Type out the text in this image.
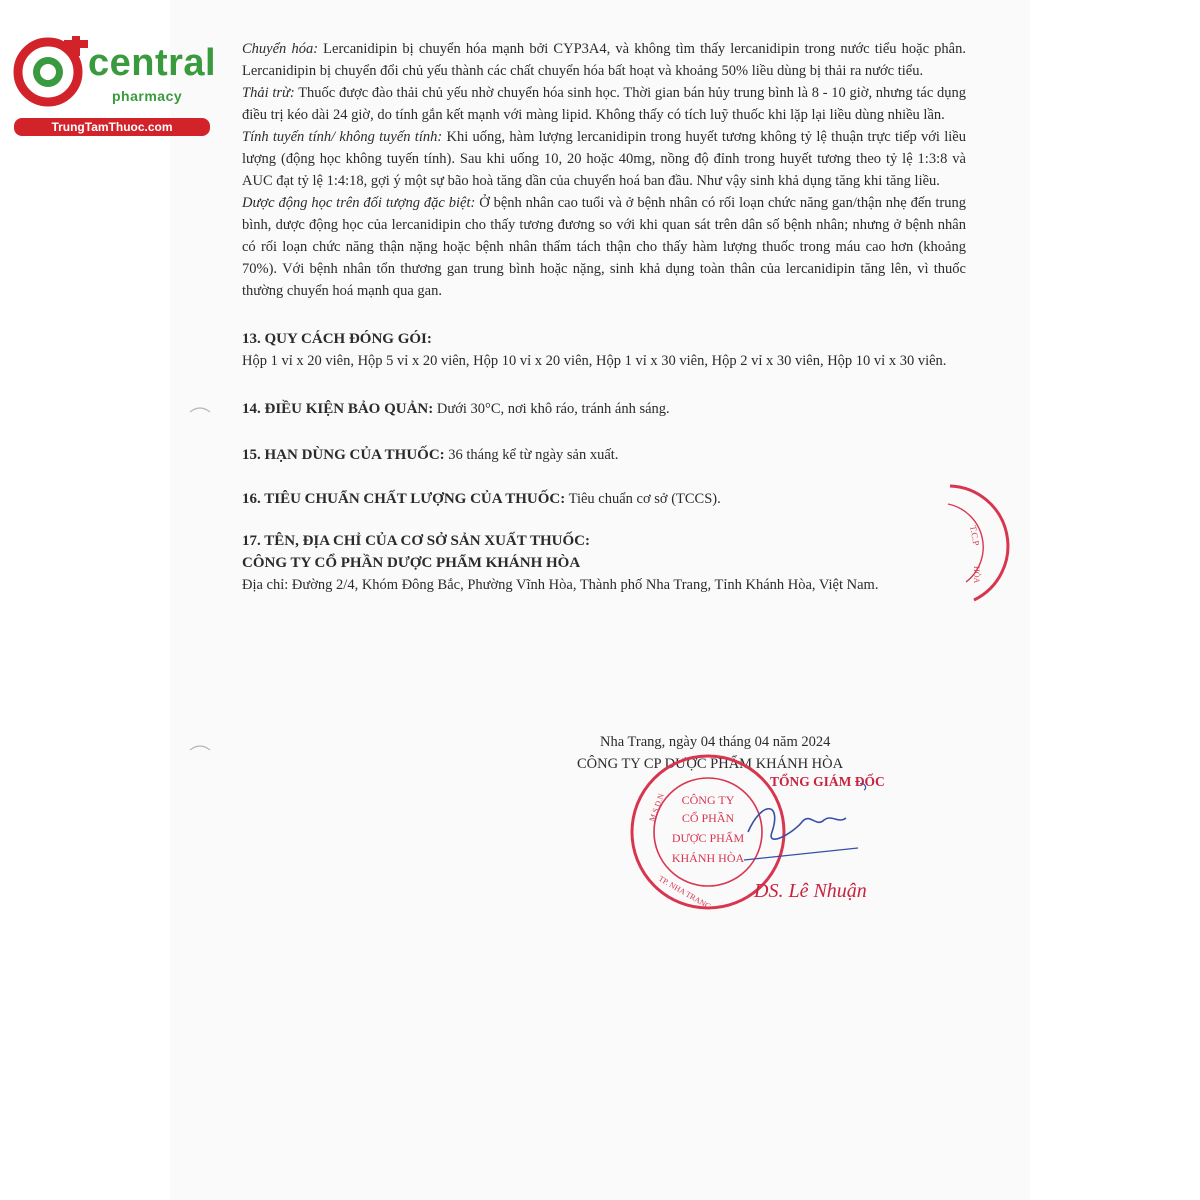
central
pharmacy
TrungTamThuoc.com

Chuyển hóa: Lercanidipin bị chuyển hóa mạnh bởi CYP3A4, và không tìm thấy lercanidipin trong nước tiểu hoặc phân. Lercanidipin bị chuyển đổi chủ yếu thành các chất chuyển hóa bất hoạt và khoảng 50% liều dùng bị thải ra nước tiểu.

Thải trừ: Thuốc được đào thải chủ yếu nhờ chuyển hóa sinh học. Thời gian bán hủy trung bình là 8 - 10 giờ, nhưng tác dụng điều trị kéo dài 24 giờ, do tính gắn kết mạnh với màng lipid. Không thấy có tích luỹ thuốc khi lặp lại liều dùng nhiều lần.

Tính tuyến tính/ không tuyến tính: Khi uống, hàm lượng lercanidipin trong huyết tương không tỷ lệ thuận trực tiếp với liều lượng (động học không tuyến tính). Sau khi uống 10, 20 hoặc 40mg, nồng độ đỉnh trong huyết tương theo tỷ lệ 1:3:8 và AUC đạt tỷ lệ 1:4:18, gợi ý một sự bão hoà tăng dần của chuyển hoá ban đầu. Như vậy sinh khả dụng tăng khi tăng liều.

Dược động học trên đối tượng đặc biệt: Ở bệnh nhân cao tuổi và ở bệnh nhân có rối loạn chức năng gan/thận nhẹ đến trung bình, dược động học của lercanidipin cho thấy tương đương so với khi quan sát trên dân số bệnh nhân; nhưng ở bệnh nhân có rối loạn chức năng thận nặng hoặc bệnh nhân thẩm tách thận cho thấy hàm lượng thuốc trong máu cao hơn (khoảng 70%). Với bệnh nhân tổn thương gan trung bình hoặc nặng, sinh khả dụng toàn thân của lercanidipin tăng lên, vì thuốc thường chuyển hoá mạnh qua gan.

13. QUY CÁCH ĐÓNG GÓI:

Hộp 1 vỉ x 20 viên, Hộp 5 vỉ x 20 viên, Hộp 10 vỉ x 20 viên, Hộp 1 vỉ x 30 viên, Hộp 2 vỉ x 30 viên, Hộp 10 vỉ x 30 viên.

14. ĐIỀU KIỆN BẢO QUẢN: Dưới 30°C, nơi khô ráo, tránh ánh sáng.

15. HẠN DÙNG CỦA THUỐC: 36 tháng kể từ ngày sản xuất.

16. TIÊU CHUẨN CHẤT LƯỢNG CỦA THUỐC: Tiêu chuẩn cơ sở (TCCS).

17. TÊN, ĐỊA CHỈ CỦA CƠ SỞ SẢN XUẤT THUỐC:

CÔNG TY CỔ PHẦN DƯỢC PHẨM KHÁNH HÒA

Địa chỉ: Đường 2/4, Khóm Đông Bắc, Phường Vĩnh Hòa, Thành phố Nha Trang, Tỉnh Khánh Hòa, Việt Nam.

Nha Trang, ngày 04 tháng 04 năm 2024
CÔNG TY CP DƯỢC PHẨM KHÁNH HÒA
TỔNG GIÁM ĐỐC
CÔNG TY
CỔ PHẦN
DƯỢC PHẨM
KHÁNH HÒA
TP. NHA TRANG
M.S.D.N
T.C.P
HÒA
DS. Lê Nhuận
